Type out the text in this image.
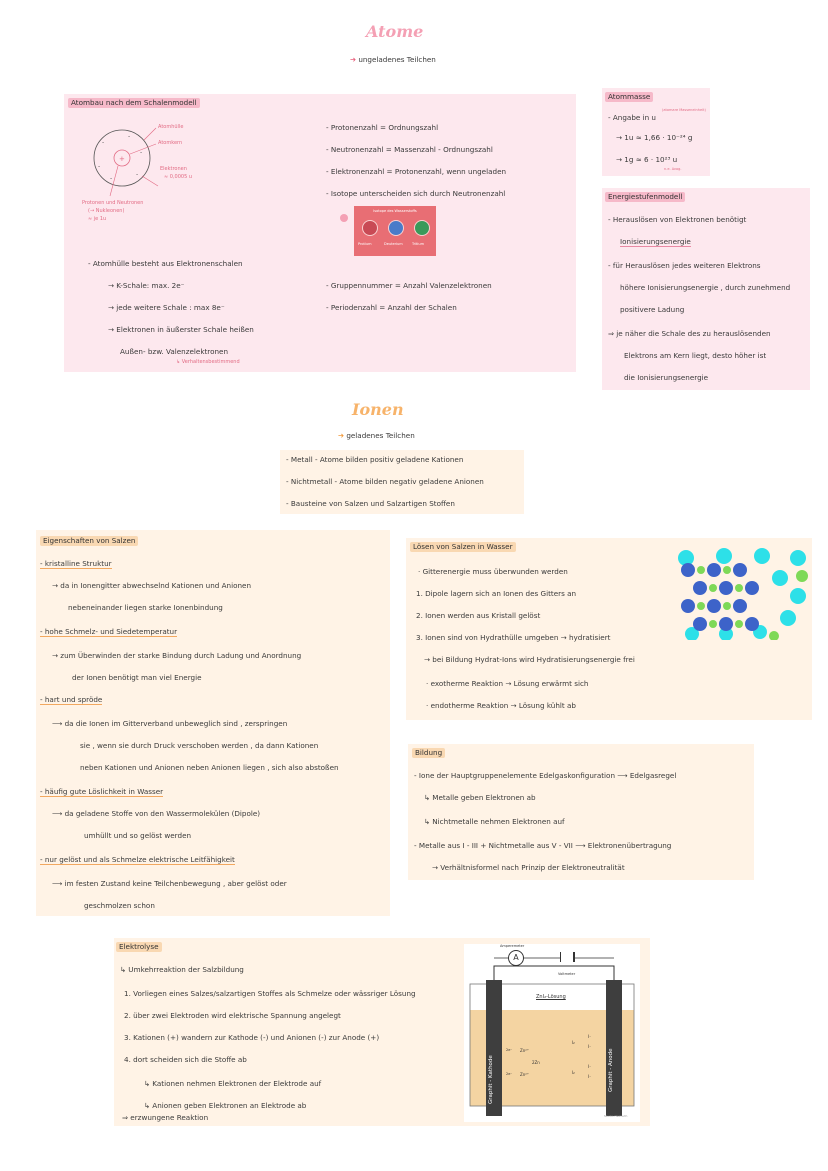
Atome
➔ ungeladenes Teilchen
Atombau nach dem Schalenmodell
+
-
-
-
-
-
-
Atomhülle
Atomkern
Elektronen
≈ 0,0005 u
Protonen und Neutronen
(→ Nukleonen)
≈ je 1u
- Protonenzahl = Ordnungszahl
- Neutronenzahl = Massenzahl - Ordnungszahl
- Elektronenzahl = Protonenzahl, wenn ungeladen
- Isotope unterscheiden sich durch Neutronenzahl
Isotope des Wasserstoffs
Protium	Deuterium	Tritium
- Atomhülle besteht aus Elektronenschalen
→ K-Schale: max. 2e⁻
→ jede weitere Schale : max 8e⁻
→ Elektronen in äußerster Schale heißen
Außen- bzw. Valenzelektronen
↳ Verhaltensbestimmend
- Gruppennummer = Anzahl Valenzelektronen
- Periodenzahl = Anzahl der Schalen
Atommasse
- Angabe in u
(atomare Masseneinheit)
→ 1u ≈ 1,66 · 10⁻²⁴ g
→ 1g ≈ 6 · 10²³ u
n.e. Avog.
Energiestufenmodell
- Herauslösen von Elektronen benötigt
Ionisierungsenergie
- für Herauslösen jedes weiteren Elektrons
höhere Ionisierungsenergie , durch zunehmend
positivere Ladung
⇒ je näher die Schale des zu herauslösenden
Elektrons am Kern liegt, desto höher ist
die Ionisierungsenergie
Ionen
➔ geladenes Teilchen
- Metall - Atome bilden positiv geladene Kationen
- Nichtmetall - Atome bilden negativ geladene Anionen
- Bausteine von Salzen und Salzartigen Stoffen
Eigenschaften von Salzen
- kristalline Struktur
→ da in Ionengitter abwechselnd Kationen und Anionen
nebeneinander liegen starke Ionenbindung
- hohe Schmelz- und Siedetemperatur
→ zum Überwinden der starke Bindung durch Ladung und Anordnung
der Ionen benötigt man viel Energie
- hart und spröde
⟶ da die Ionen im Gitterverband unbeweglich sind , zerspringen
sie , wenn sie durch Druck verschoben werden , da dann Kationen
neben Kationen und Anionen neben Anionen liegen , sich also abstoßen
- häufig gute Löslichkeit in Wasser
⟶ da geladene Stoffe von den Wassermolekülen (Dipole)
umhüllt und so gelöst werden
- nur gelöst und als Schmelze elektrische Leitfähigkeit
⟶ im festen Zustand keine Teilchenbewegung , aber gelöst oder
geschmolzen schon
Lösen von Salzen in Wasser
· Gitterenergie muss überwunden werden
1. Dipole lagern sich an Ionen des Gitters an
2. Ionen werden aus Kristall gelöst
3. Ionen sind von Hydrathülle umgeben → hydratisiert
→ bei Bildung Hydrat-Ions wird Hydratisierungsenergie frei
· exotherme Reaktion → Lösung erwärmt sich
· endotherme Reaktion → Lösung kühlt ab
Bildung
- Ione der Hauptgruppenelemente Edelgaskonfiguration ⟶ Edelgasregel
↳ Metalle geben Elektronen ab
↳ Nichtmetalle nehmen Elektronen auf
- Metalle aus I - III + Nichtmetalle aus V - VII ⟶ Elektronenübertragung
→ Verhältnisformel nach Prinzip der Elektroneutralität
Elektrolyse
↳ Umkehrreaktion der Salzbildung
1. Vorliegen eines Salzes/salzartigen Stoffes als Schmelze oder wässriger Lösung
2. über zwei Elektroden wird elektrische Spannung angelegt
3. Kationen (+) wandern zur Kathode (-) und Anionen (-) zur Anode (+)
4. dort scheiden sich die Stoffe ab
↳ Kationen nehmen Elektronen der Elektrode auf
↳ Anionen geben Elektronen an Elektrode ab
⇒ erzwungene Reaktion
A
Amperemeter
Voltmeter
ZnI₂-Lösung
Graphit - Kathode	Graphit - Anode
2e⁻ Zn²⁺
2Zn
2e⁻ Zn²⁺
I₂
I⁻
I⁻
I₂
I⁻
I⁻
Studio Helmuth
